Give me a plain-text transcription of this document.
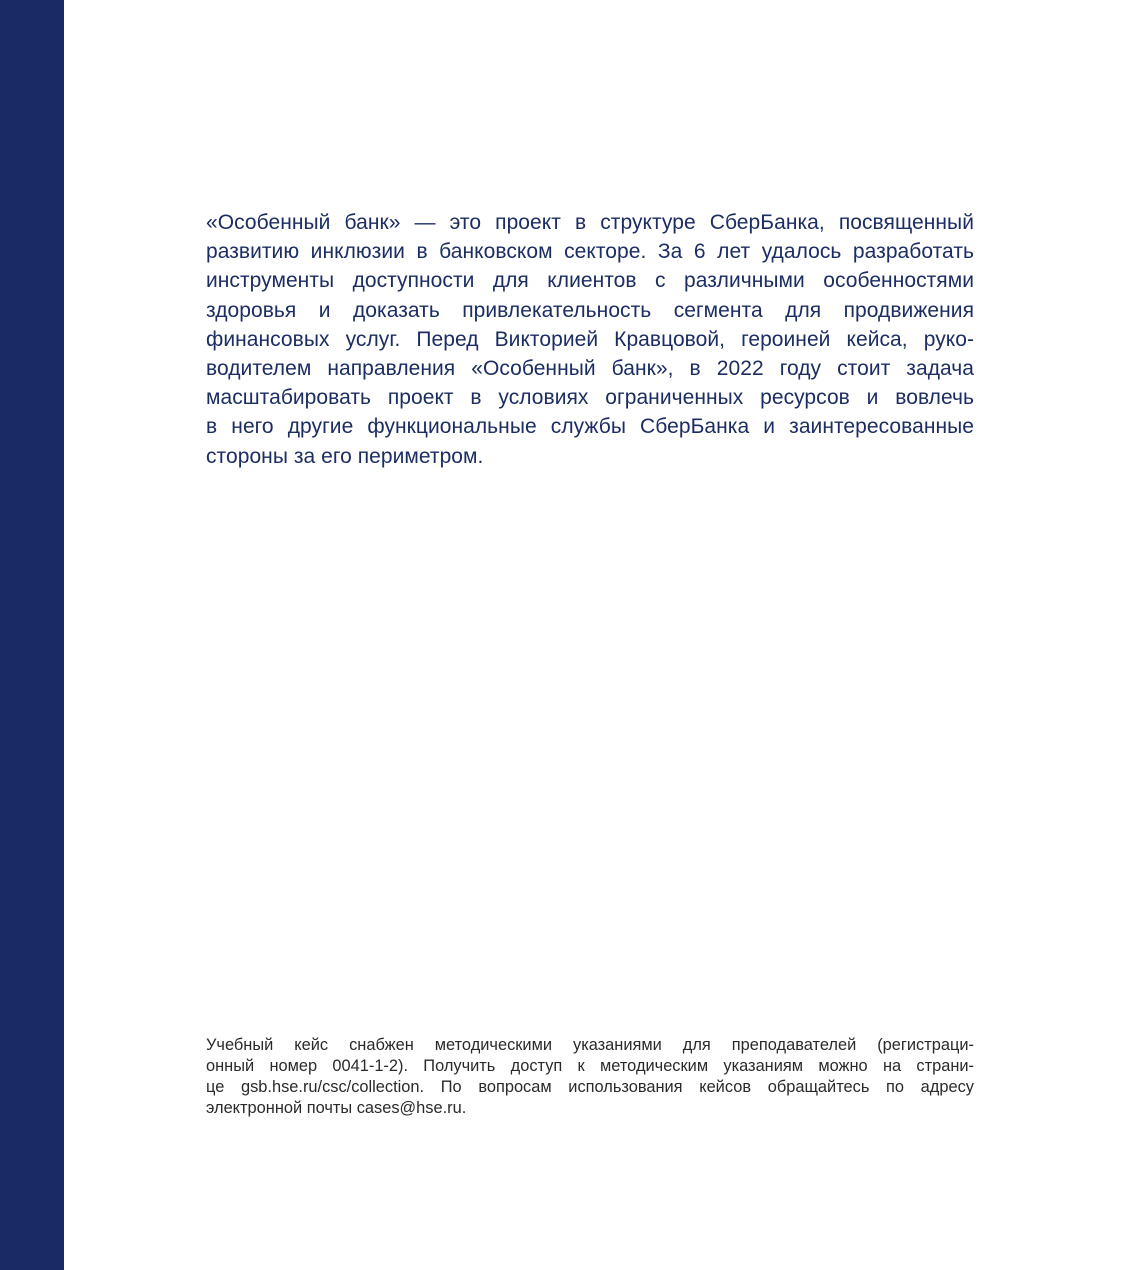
«Особенный банк» — это проект в структуре СберБанка, посвященный
развитию инклюзии в банковском секторе. За 6 лет удалось разработать
инструменты доступности для клиентов с различными особенностями
здоровья и доказать привлекательность сегмента для продвижения
финансовых услуг. Перед Викторией Кравцовой, героиней кейса, руко-
водителем направления «Особенный банк», в 2022 году стоит задача
масштабировать проект в условиях ограниченных ресурсов и вовлечь
в него другие функциональные службы СберБанка и заинтересованные
стороны за его периметром.

Учебный кейс снабжен методическими указаниями для преподавателей (регистраци-
онный номер 0041-1-2). Получить доступ к методическим указаниям можно на страни-
це gsb.hse.ru/csc/collection. По вопросам использования кейсов обращайтесь по адресу
электронной почты cases@hse.ru.
